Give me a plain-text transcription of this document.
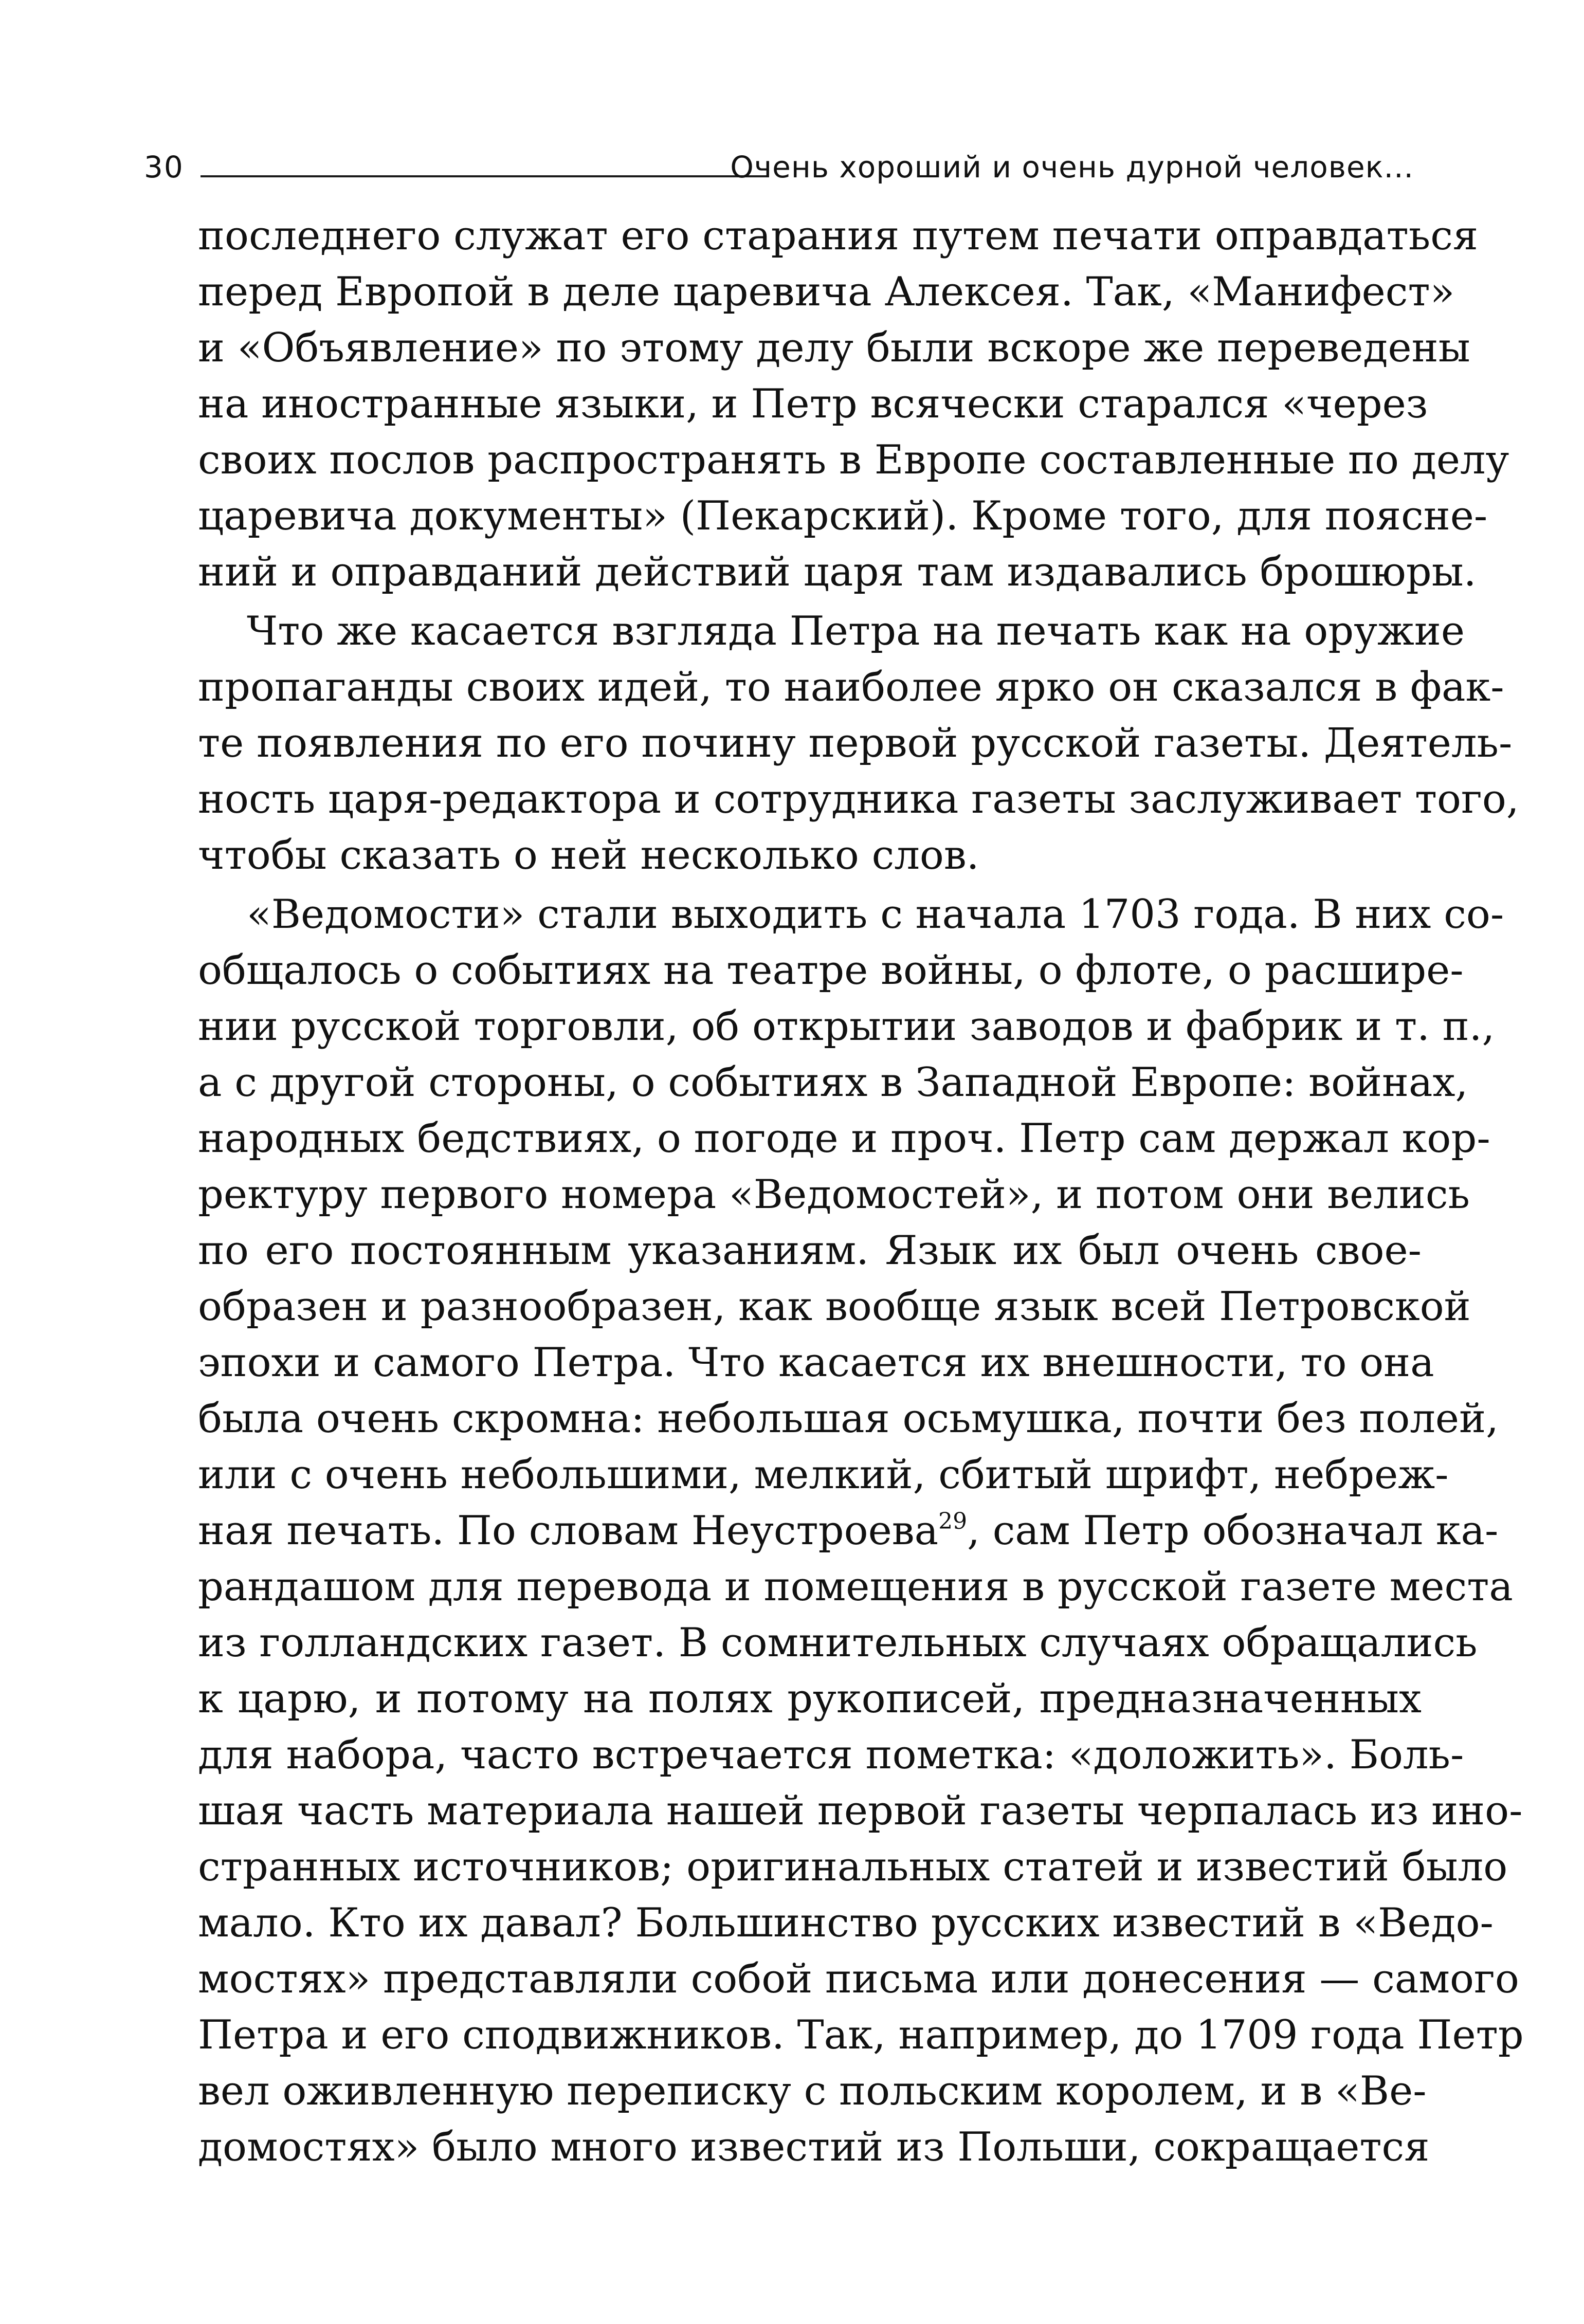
30	Очень хороший и очень дурной человек...
последнего служат его старания путем печати оправдаться
перед Европой в деле царевича Алексея. Так, «Манифест»
и «Объявление» по этому делу были вскоре же переведены
на иностранные языки, и Петр всячески старался «через
своих послов распространять в Европе составленные по делу
царевича документы» (Пекарский). Кроме того, для поясне-
ний и оправданий действий царя там издавались брошюры.
Что же касается взгляда Петра на печать как на оружие
пропаганды своих идей, то наиболее ярко он сказался в фак-
те появления по его почину первой русской газеты. Деятель-
ность царя-редактора и сотрудника газеты заслуживает того,
чтобы сказать о ней несколько слов.
«Ведомости» стали выходить с начала 1703 года. В них со-
общалось о событиях на театре войны, о флоте, о расшире-
нии русской торговли, об открытии заводов и фабрик и т. п.,
а с другой стороны, о событиях в Западной Европе: войнах,
народных бедствиях, о погоде и проч. Петр сам держал кор-
ректуру первого номера «Ведомостей», и потом они велись
по его постоянным указаниям. Язык их был очень свое-
образен и разнообразен, как вообще язык всей Петровской
эпохи и самого Петра. Что касается их внешности, то она
была очень скромна: небольшая осьмушка, почти без полей,
или с очень небольшими, мелкий, сбитый шрифт, небреж-
ная печать. По словам Неустроева$^{29}$, сам Петр обозначал ка-
рандашом для перевода и помещения в русской газете места
из голландских газет. В сомнительных случаях обращались
к царю, и потому на полях рукописей, предназначенных
для набора, часто встречается пометка: «доложить». Боль-
шая часть материала нашей первой газеты черпалась из ино-
странных источников; оригинальных статей и известий было
мало. Кто их давал? Большинство русских известий в «Ведо-
мостях» представляли собой письма или донесения — самого
Петра и его сподвижников. Так, например, до 1709 года Петр
вел оживленную переписку с польским королем, и в «Ве-
домостях» было много известий из Польши, сокращается
